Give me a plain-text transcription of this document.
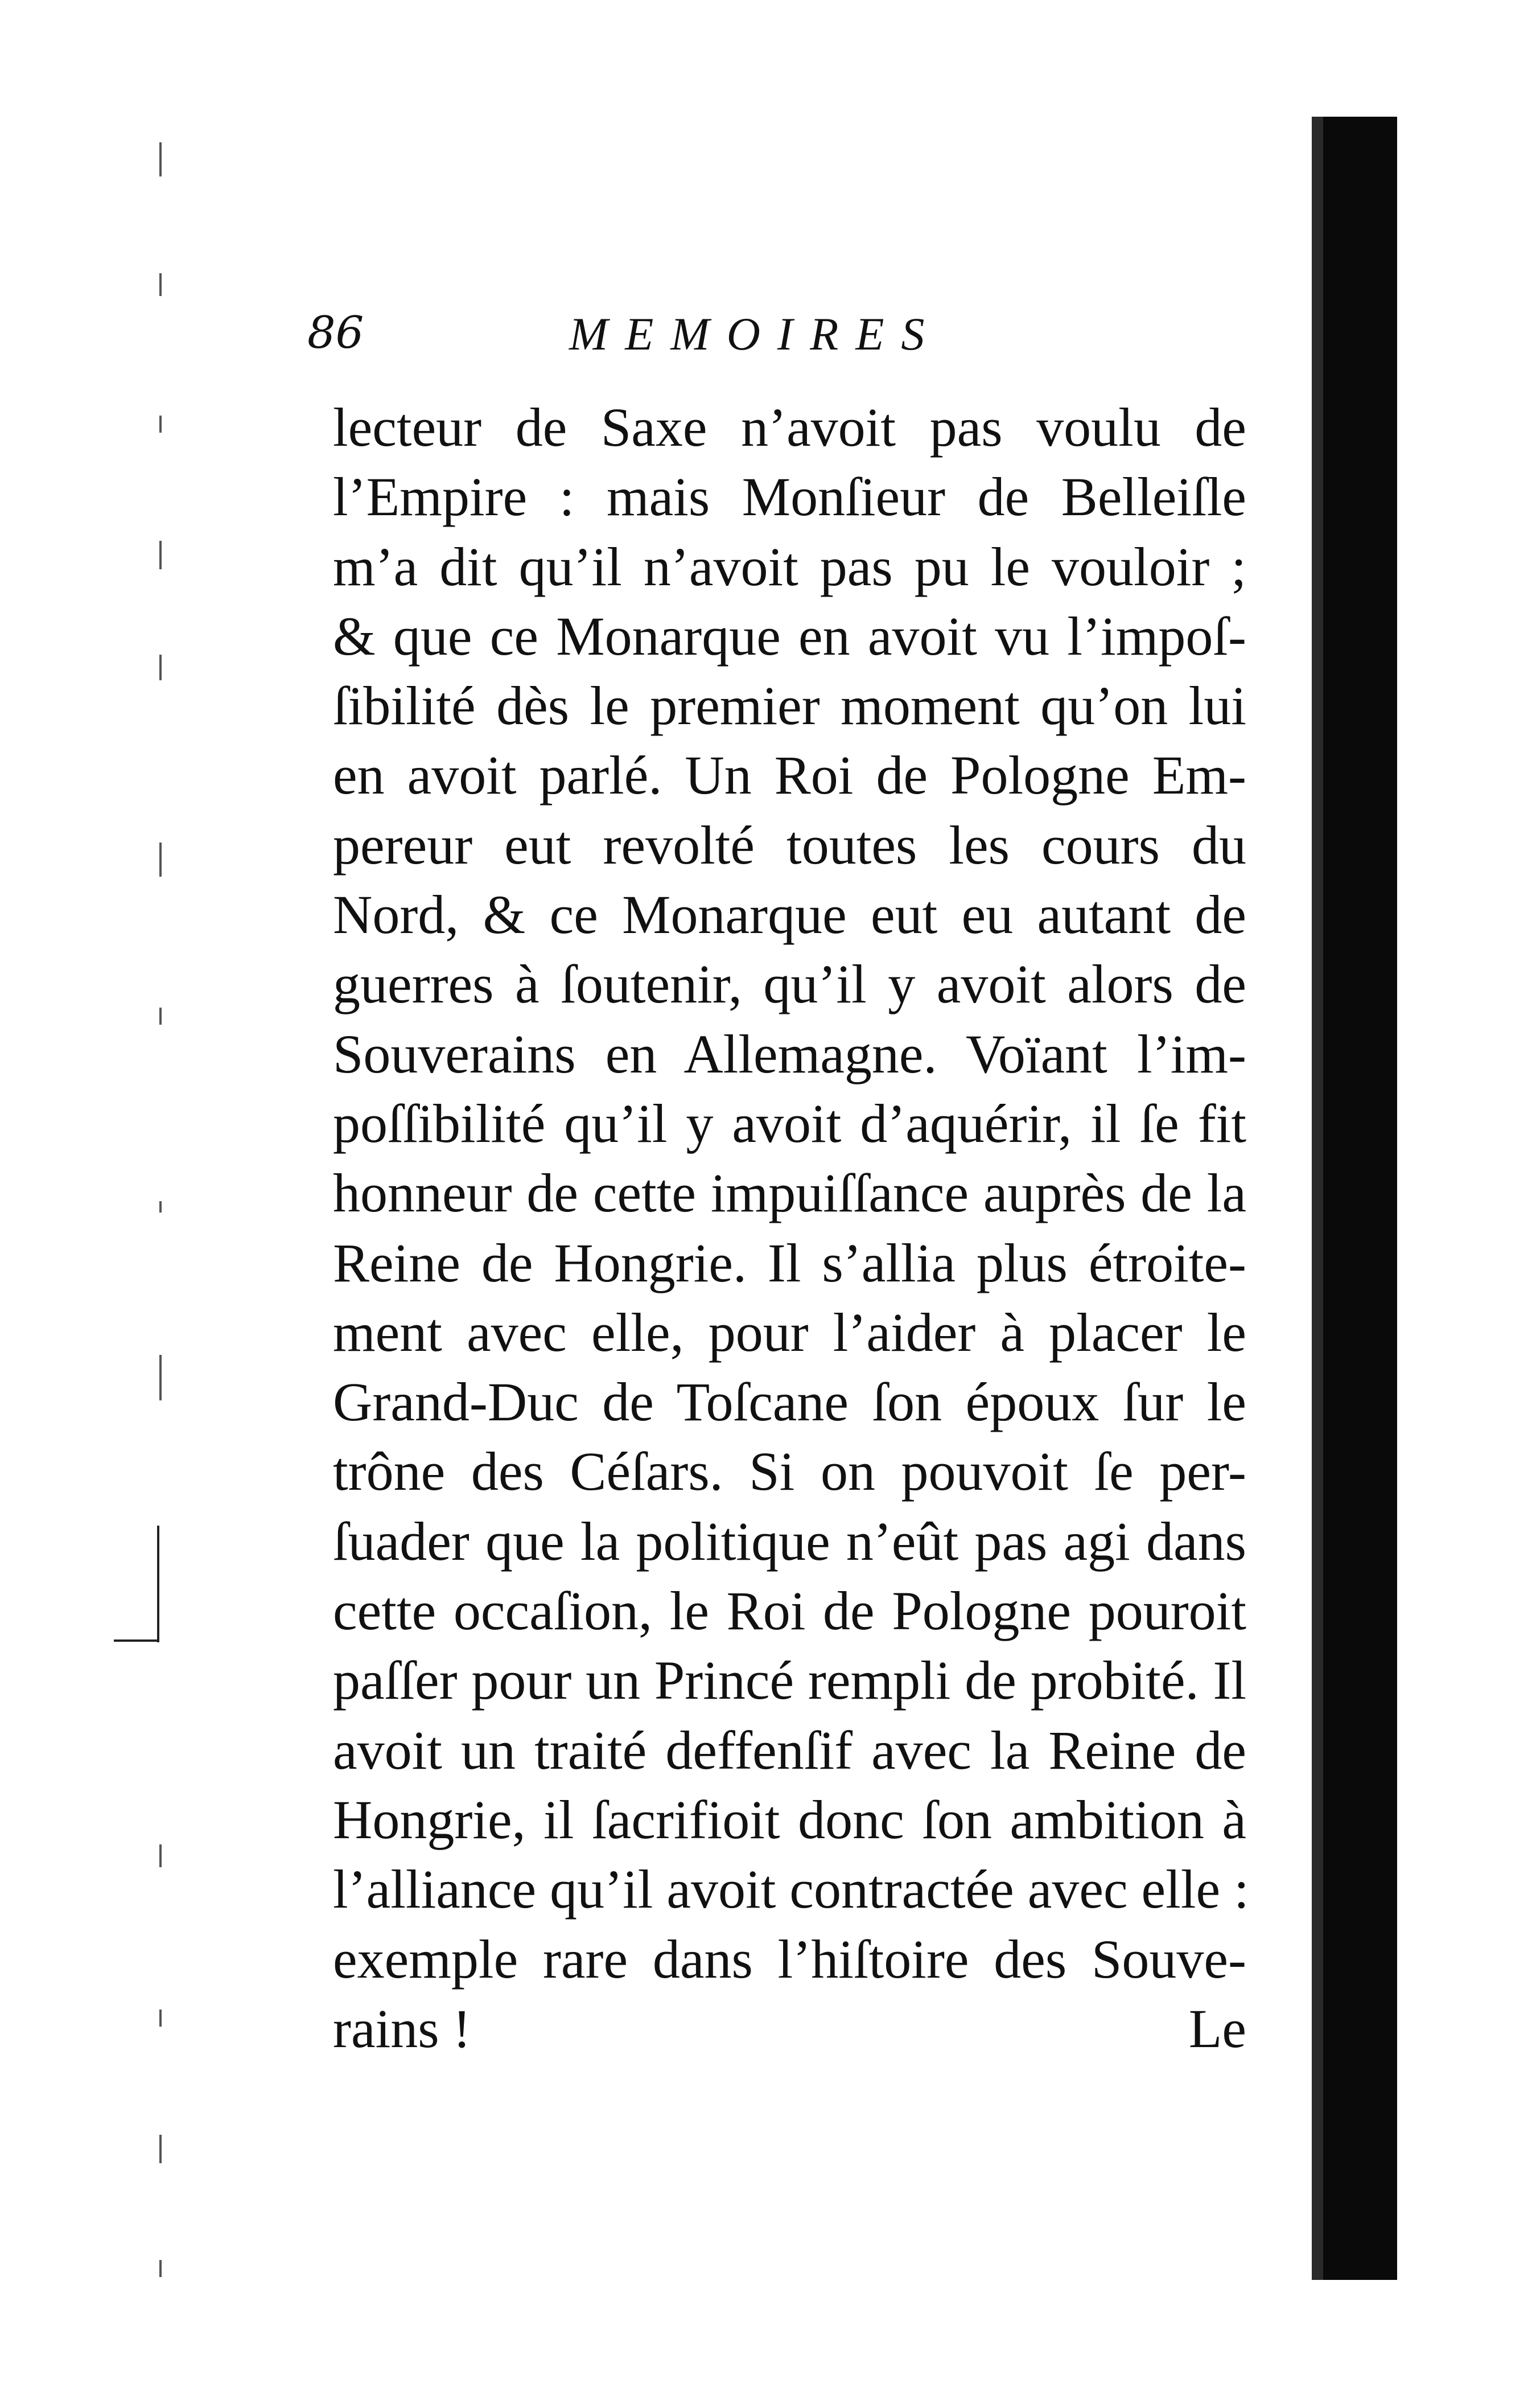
86	MEMOIRES
lecteur de Saxe n’avoit pas voulu de
l’Empire : mais Monſieur de Belleiſle
m’a dit qu’il n’avoit pas pu le vouloir ;
& que ce Monarque en avoit vu l’impoſ-
ſibilité dès le premier moment qu’on lui
en avoit parlé. Un Roi de Pologne Em-
pereur eut revolté toutes les cours du
Nord, & ce Monarque eut eu autant de
guerres à ſoutenir, qu’il y avoit alors de
Souverains en Allemagne. Voïant l’im-
poſſibilité qu’il y avoit d’aquérir, il ſe fit
honneur de cette impuiſſance auprès de la
Reine de Hongrie. Il s’allia plus étroite-
ment avec elle, pour l’aider à placer le
Grand-Duc de Toſcane ſon époux ſur le
trône des Céſars. Si on pouvoit ſe per-
ſuader que la politique n’eût pas agi dans
cette occaſion, le Roi de Pologne pouroit
paſſer pour un Princé rempli de probité. Il
avoit un traité deffenſif avec la Reine de
Hongrie, il ſacrifioit donc ſon ambition à
l’alliance qu’il avoit contractée avec elle :
exemple rare dans l’hiſtoire des Souve-
rains !	Le
